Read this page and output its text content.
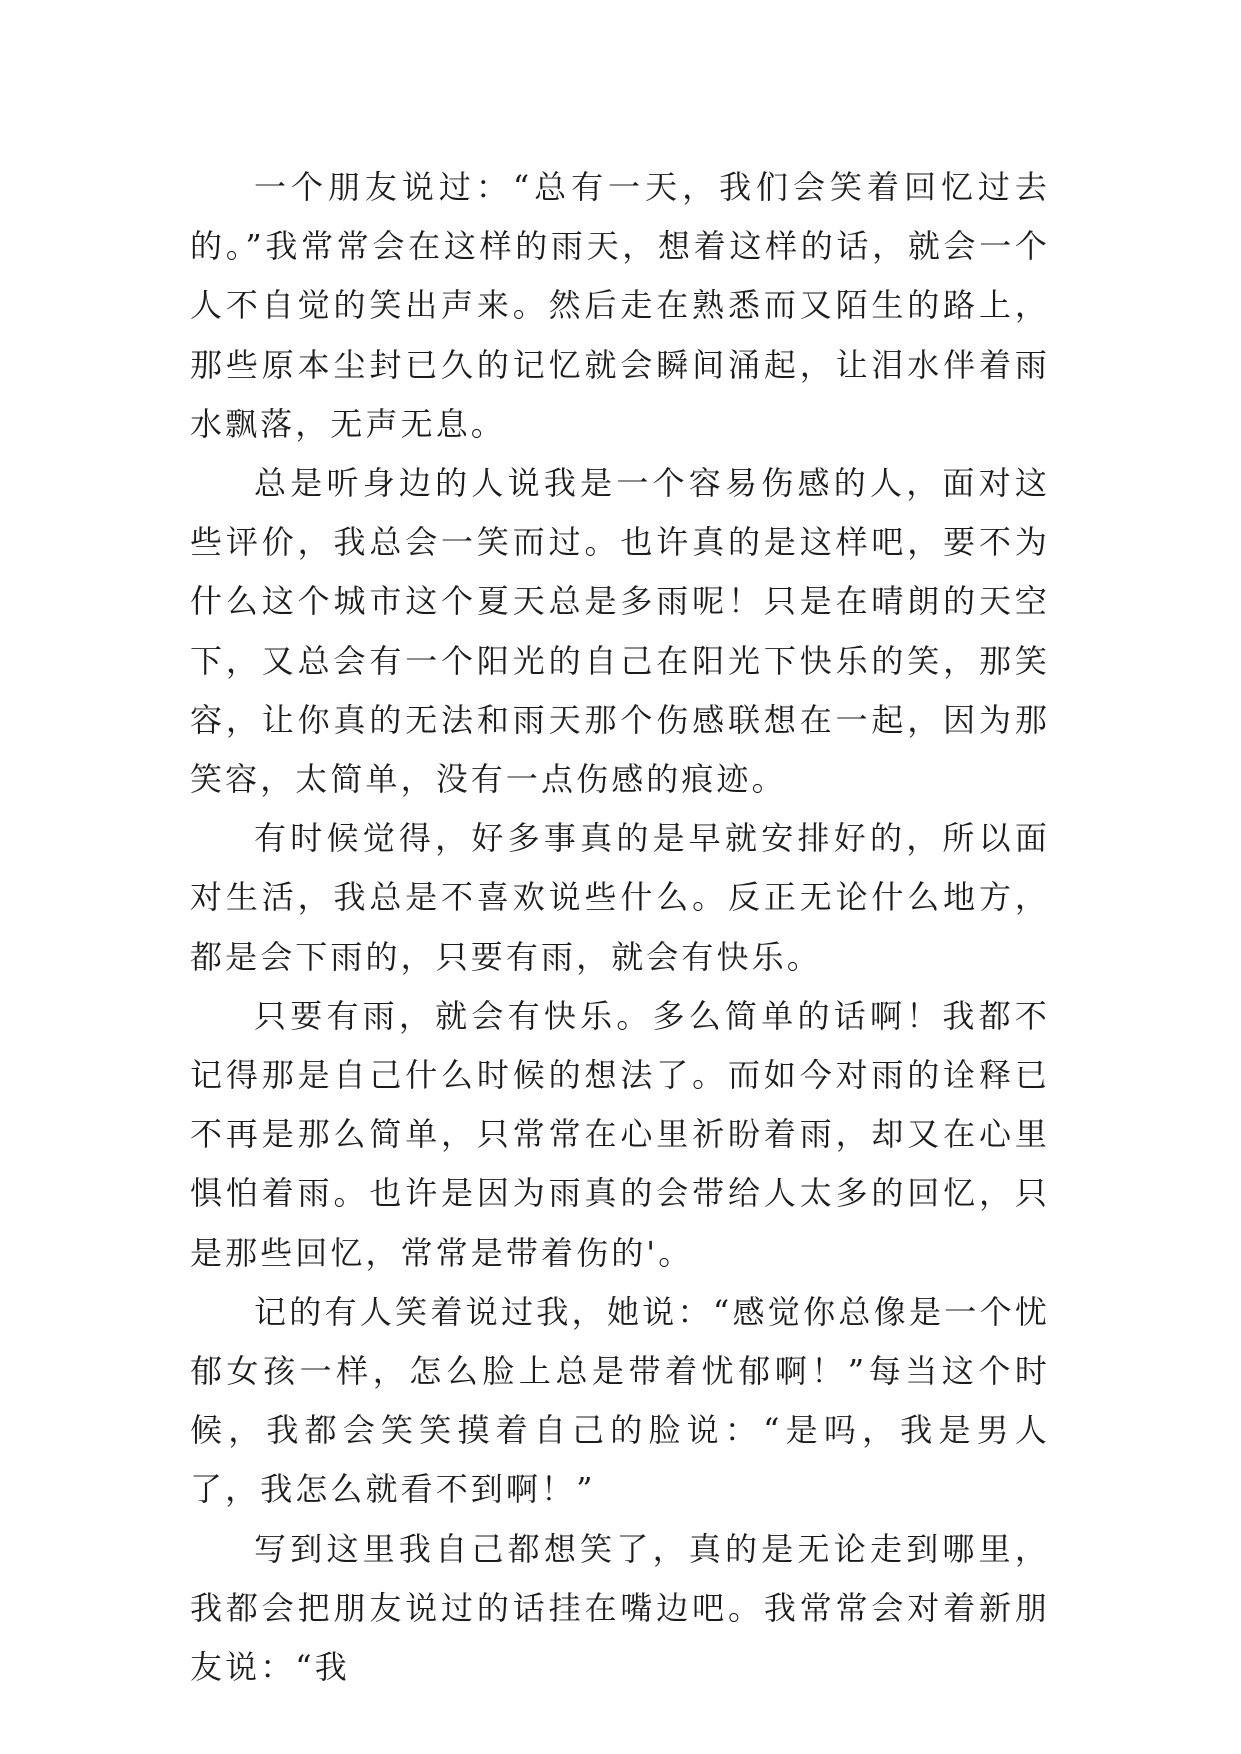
一个朋友说过：“总有一天，我们会笑着回忆过去的。”我常常会在这样的雨天，想着这样的话，就会一个人不自觉的笑出声来。然后走在熟悉而又陌生的路上，那些原本尘封已久的记忆就会瞬间涌起，让泪水伴着雨水飘落，无声无息。

总是听身边的人说我是一个容易伤感的人，面对这些评价，我总会一笑而过。也许真的是这样吧，要不为什么这个城市这个夏天总是多雨呢！只是在晴朗的天空下，又总会有一个阳光的自己在阳光下快乐的笑，那笑容，让你真的无法和雨天那个伤感联想在一起，因为那笑容，太简单，没有一点伤感的痕迹。

有时候觉得，好多事真的是早就安排好的，所以面对生活，我总是不喜欢说些什么。反正无论什么地方，都是会下雨的，只要有雨，就会有快乐。

只要有雨，就会有快乐。多么简单的话啊！我都不记得那是自己什么时候的想法了。而如今对雨的诠释已不再是那么简单，只常常在心里祈盼着雨，却又在心里惧怕着雨。也许是因为雨真的会带给人太多的回忆，只是那些回忆，常常是带着伤的'。

记的有人笑着说过我，她说：“感觉你总像是一个忧郁女孩一样，怎么脸上总是带着忧郁啊！”每当这个时候，我都会笑笑摸着自己的脸说：“是吗，我是男人了，我怎么就看不到啊！”

写到这里我自己都想笑了，真的是无论走到哪里，我都会把朋友说过的话挂在嘴边吧。我常常会对着新朋友说：“我
